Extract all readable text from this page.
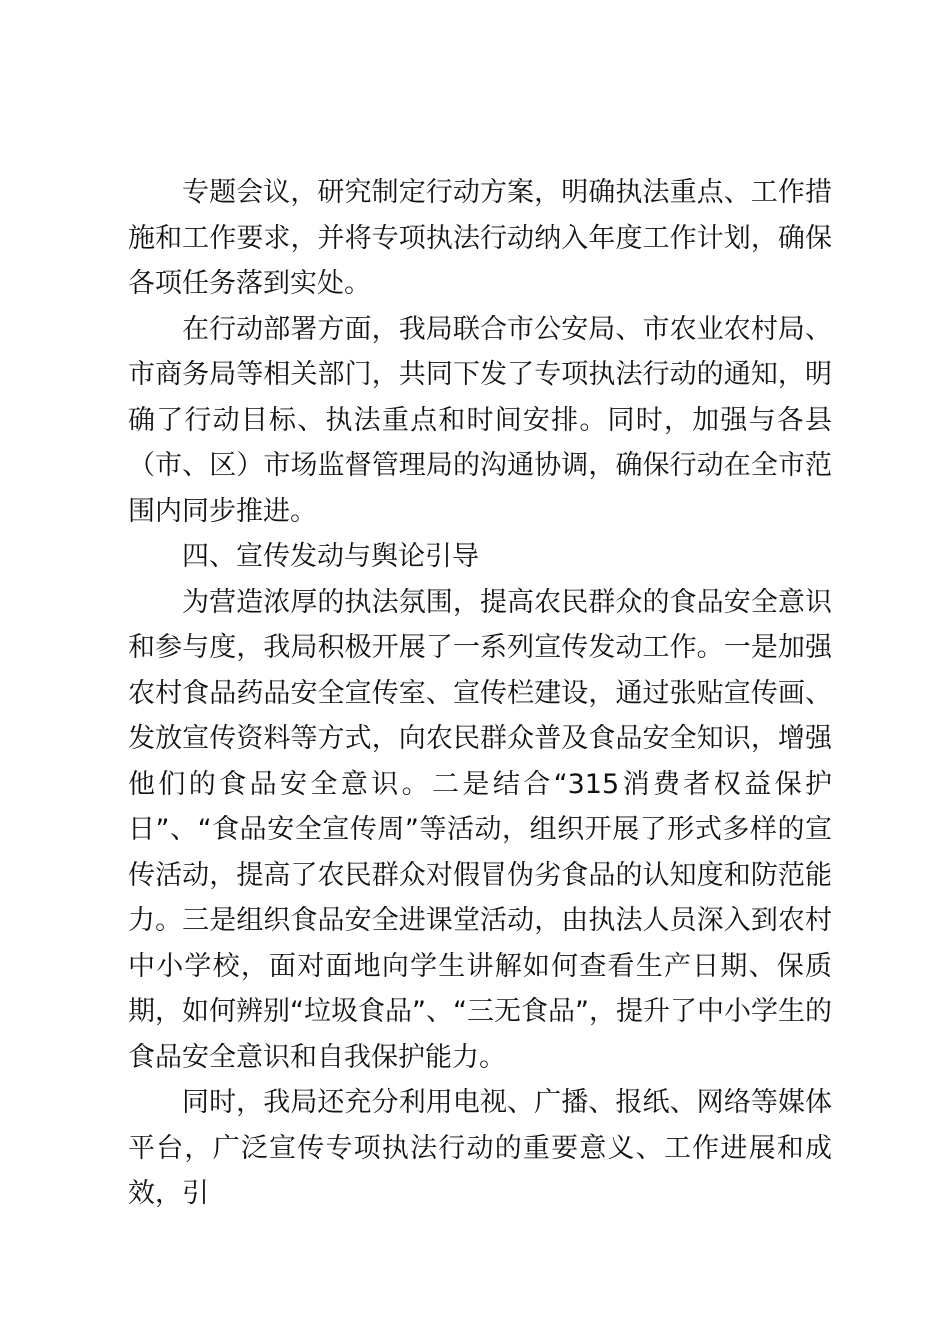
专题会议，研究制定行动方案，明确执法重点、工作措施和工作要求，并将专项执法行动纳入年度工作计划，确保各项任务落到实处。

在行动部署方面，我局联合市公安局、市农业农村局、市商务局等相关部门，共同下发了专项执法行动的通知，明确了行动目标、执法重点和时间安排。同时，加强与各县（市、区）市场监督管理局的沟通协调，确保行动在全市范围内同步推进。

四、宣传发动与舆论引导

为营造浓厚的执法氛围，提高农民群众的食品安全意识和参与度，我局积极开展了一系列宣传发动工作。一是加强农村食品药品安全宣传室、宣传栏建设，通过张贴宣传画、发放宣传资料等方式，向农民群众普及食品安全知识，增强他们的食品安全意识。二是结合“315消费者权益保护日”、“食品安全宣传周”等活动，组织开展了形式多样的宣传活动，提高了农民群众对假冒伪劣食品的认知度和防范能力。三是组织食品安全进课堂活动，由执法人员深入到农村中小学校，面对面地向学生讲解如何查看生产日期、保质期，如何辨别“垃圾食品”、“三无食品”，提升了中小学生的食品安全意识和自我保护能力。

同时，我局还充分利用电视、广播、报纸、网络等媒体平台，广泛宣传专项执法行动的重要意义、工作进展和成效，引
